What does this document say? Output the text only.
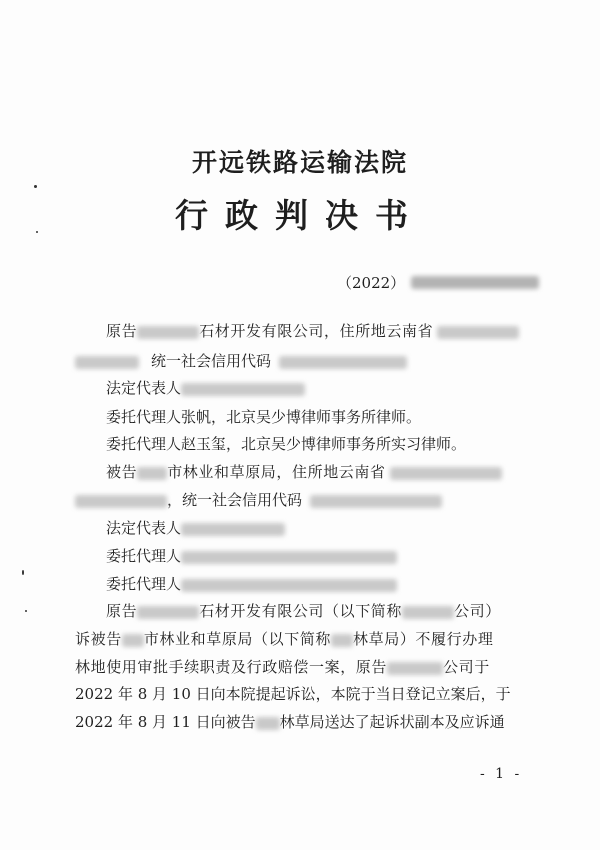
开远铁路运输法院
行政判决书
（2022）
原告	石材开发有限公司，住所地云南省
统一社会信用代码
法定代表人
委托代理人张帆，北京吴少博律师事务所律师。
委托代理人赵玉玺，北京吴少博律师事务所实习律师。
被告 市林业和草原局，住所地云南省
，统一社会信用代码
法定代表人
委托代理人
委托代理人
原告	石材开发有限公司（以下简称	公司）
诉被告 市林业和草原局（以下简称 林草局）不履行办理
林地使用审批手续职责及行政赔偿一案，原告	公司于
2022 年 8 月 10 日向本院提起诉讼，本院于当日登记立案后，于
2022 年 8 月 11 日向被告 林草局送达了起诉状副本及应诉通
- 1 -
